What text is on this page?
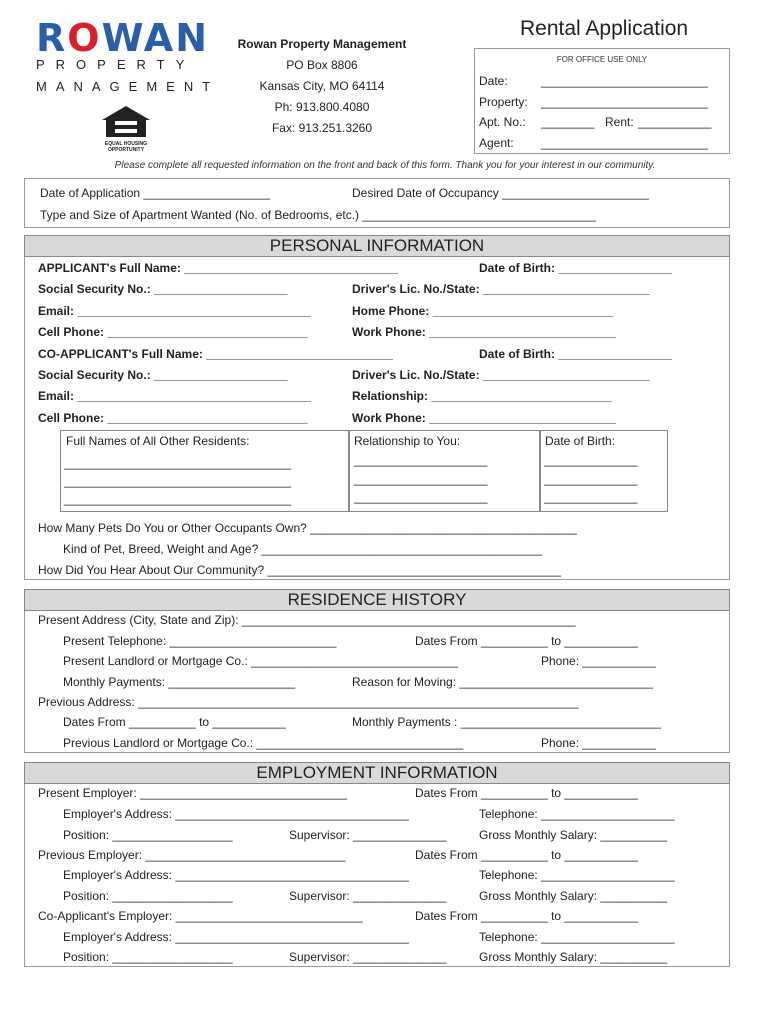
ROWAN
PROPERTY
MANAGEMENT
EQUAL HOUSING OPPORTUNITY
Rowan Property Management
PO Box 8806
Kansas City, MO 64114
Ph: 913.800.4080
Fax: 913.251.3260
Rental Application
FOR OFFICE USE ONLY
Date:	_________________________
Property: _________________________
Apt. No.: ________ Rent: ___________
Agent: _________________________
Please complete all requested information on the front and back of this form. Thank you for your interest in our community.
Date of Application ___________________	Desired Date of Occupancy ______________________
Type and Size of Apartment Wanted (No. of Bedrooms, etc.) ___________________________________
PERSONAL INFORMATION
APPLICANT's Full Name: ________________________________	Date of Birth: _________________
Social Security No.: ____________________	Driver's Lic. No./State: _________________________
Email: ___________________________________	Home Phone: ___________________________
Cell Phone: ______________________________	Work Phone: ____________________________
CO-APPLICANT's Full Name: ____________________________	Date of Birth: _________________
Social Security No.: ____________________	Driver's Lic. No./State: _________________________
Email: ___________________________________	Relationship: ___________________________
Cell Phone: ______________________________	Work Phone: ____________________________
Full Names of All Other Residents:	Relationship to You:	Date of Birth:
__________________________________	____________________	______________
__________________________________	____________________	______________
__________________________________	____________________	______________
How Many Pets Do You or Other Occupants Own? ________________________________________
Kind of Pet, Breed, Weight and Age? __________________________________________
How Did You Hear About Our Community? ____________________________________________
RESIDENCE HISTORY
Present Address (City, State and Zip): __________________________________________________
Present Telephone: _________________________	Dates From __________ to ___________
Present Landlord or Mortgage Co.: _______________________________	Phone: ___________
Monthly Payments: ___________________	Reason for Moving: _____________________________
Previous Address: __________________________________________________________________
Dates From __________ to ___________	Monthly Payments : ______________________________
Previous Landlord or Mortgage Co.: _______________________________	Phone: ___________
EMPLOYMENT INFORMATION
Present Employer: _______________________________	Dates From __________ to ___________
Employer's Address: ___________________________________	Telephone: ____________________
Position: __________________	Supervisor: ______________	Gross Monthly Salary: __________
Previous Employer: ______________________________	Dates From __________ to ___________
Employer's Address: ___________________________________	Telephone: ____________________
Position: __________________	Supervisor: ______________	Gross Monthly Salary: __________
Co-Applicant's Employer: ____________________________	Dates From __________ to ___________
Employer's Address: ___________________________________	Telephone: ____________________
Position: __________________	Supervisor: ______________	Gross Monthly Salary: __________
